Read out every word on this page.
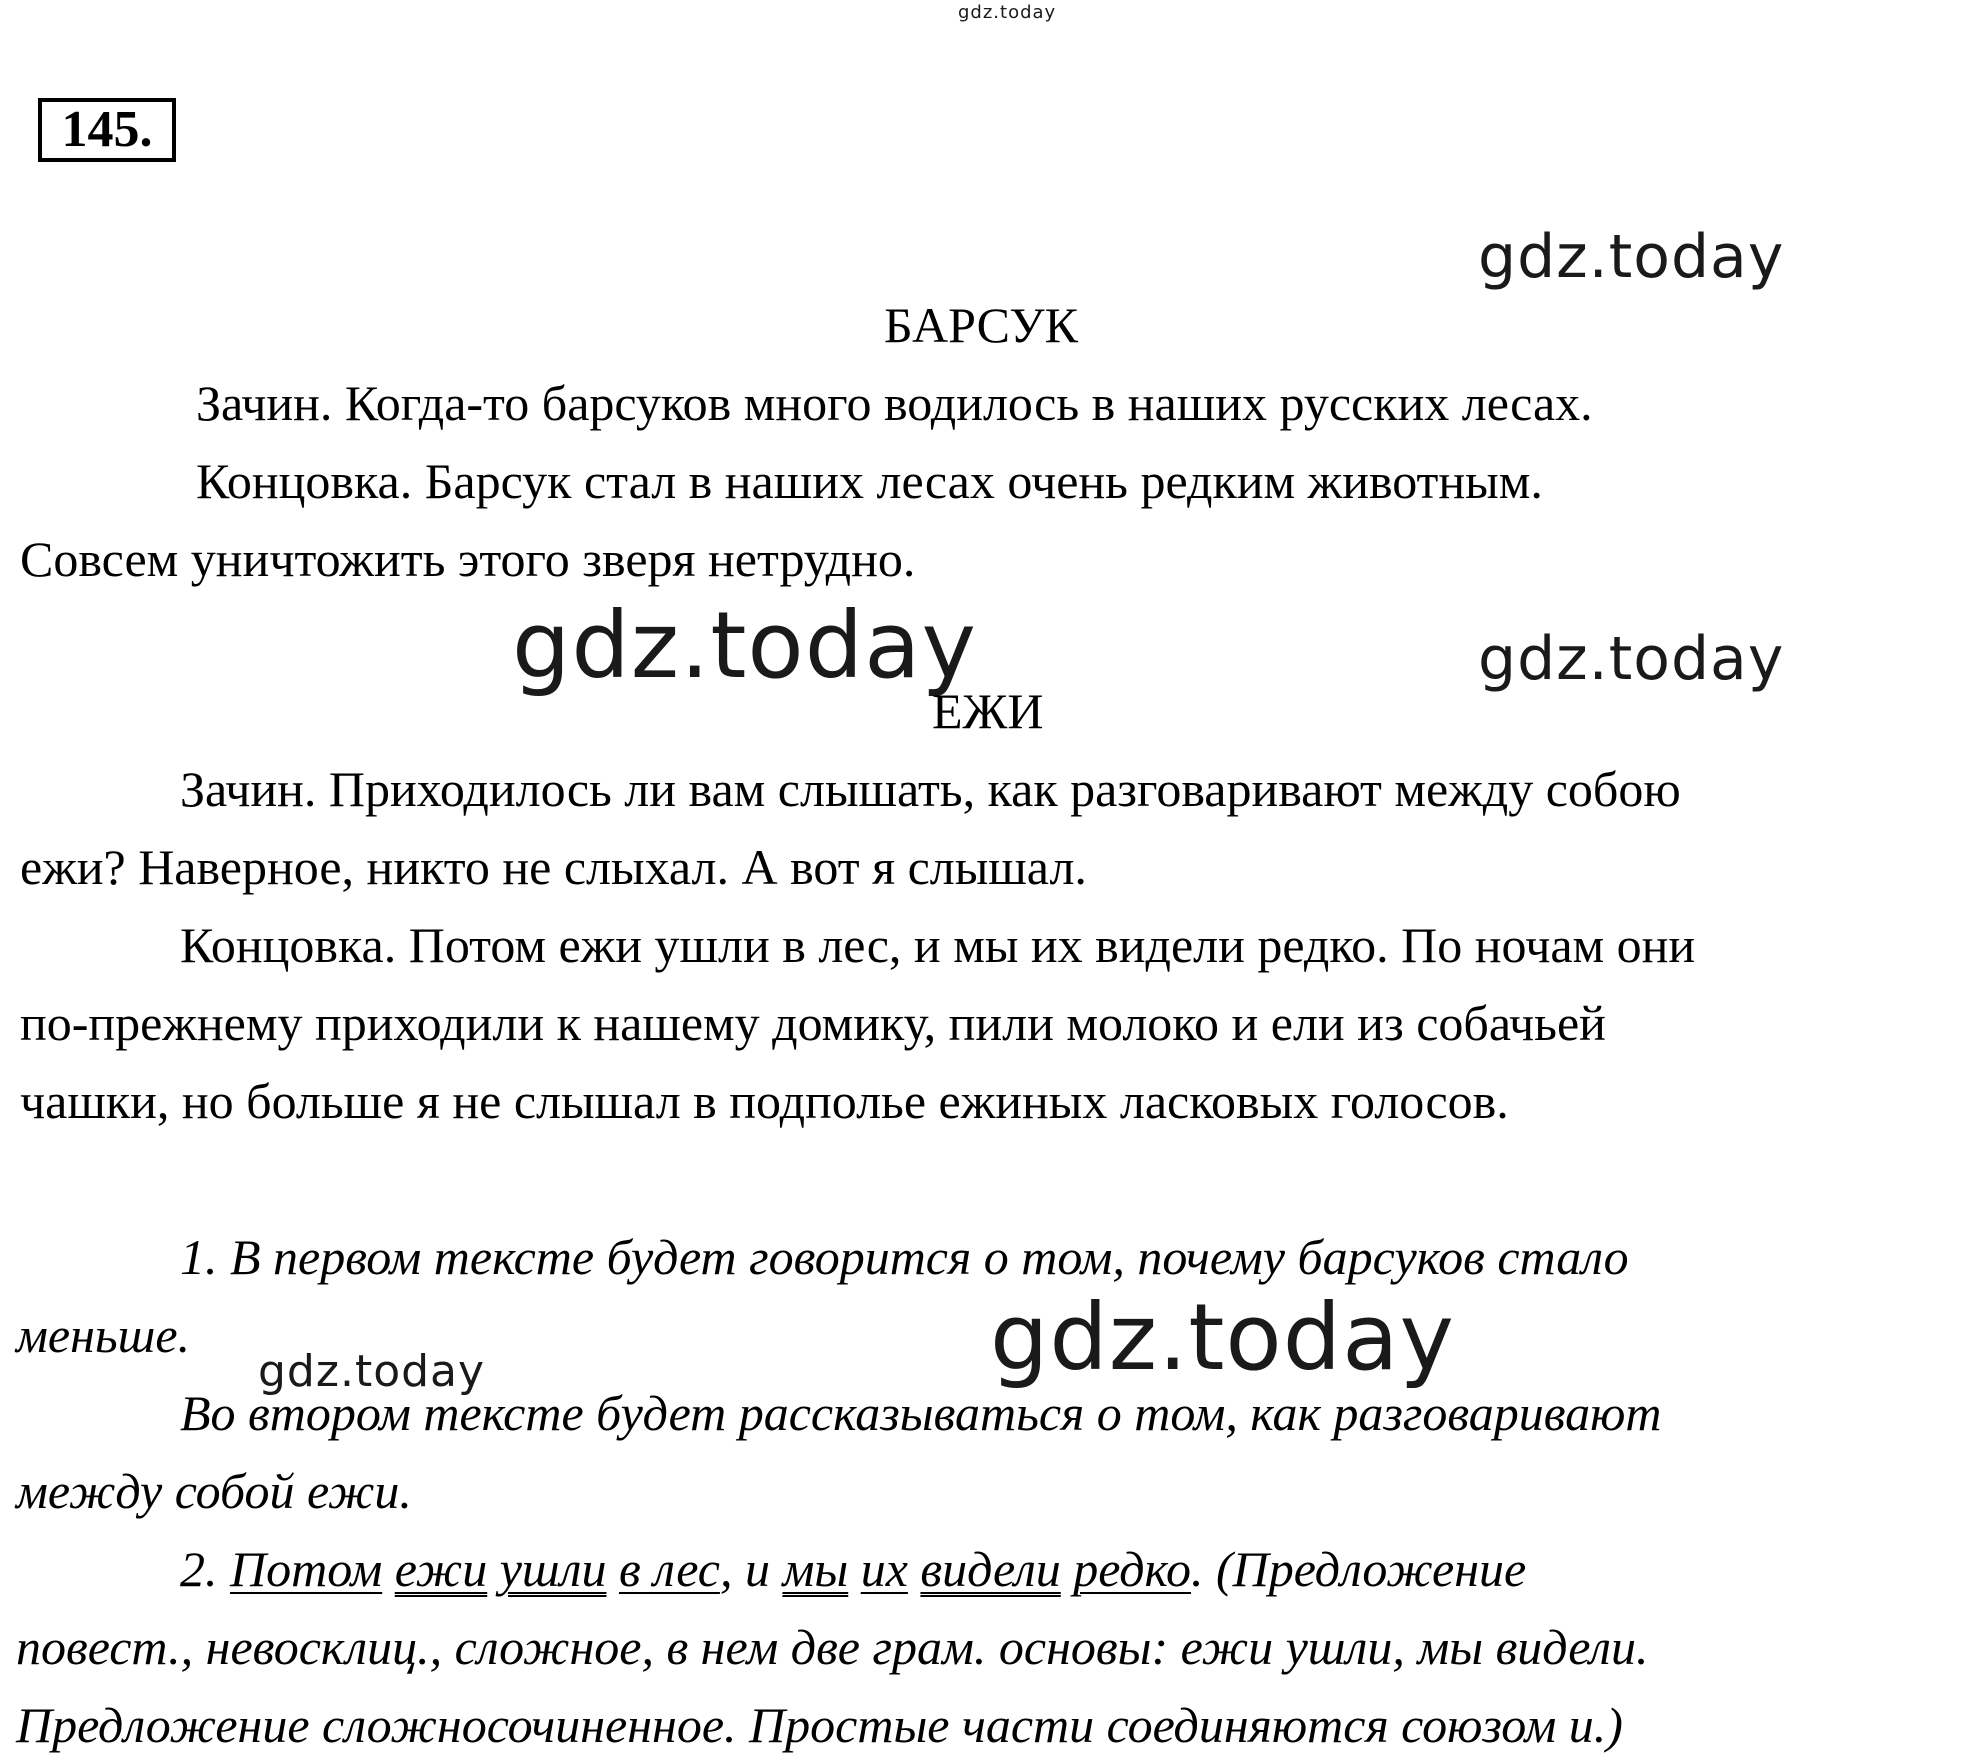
gdz.today
145.
gdz.today
gdz.today	gdz.today
gdz.today
gdz.today
БАРСУК
Зачин. Когда-то барсуков много водилось в наших русских лесах.
Концовка. Барсук стал в наших лесах очень редким животным.
Совсем уничтожить этого зверя нетрудно.
ЕЖИ
Зачин. Приходилось ли вам слышать, как разговаривают между собою
ежи? Наверное, никто не слыхал. А вот я слышал.
Концовка. Потом ежи ушли в лес, и мы их видели редко. По ночам они
по-прежнему приходили к нашему домику, пили молоко и ели из собачьей
чашки, но больше я не слышал в подполье ежиных ласковых голосов.
1. В первом тексте будет говорится о том, почему барсуков стало
меньше.
Во втором тексте будет рассказываться о том, как разговаривают
между собой ежи.
2. Потом ежи ушли в лес, и мы их видели редко. (Предложение
повест., невосклиц., сложное, в нем две грам. основы: ежи ушли, мы видели.
Предложение сложносочиненное. Простые части соединяются союзом и.)
